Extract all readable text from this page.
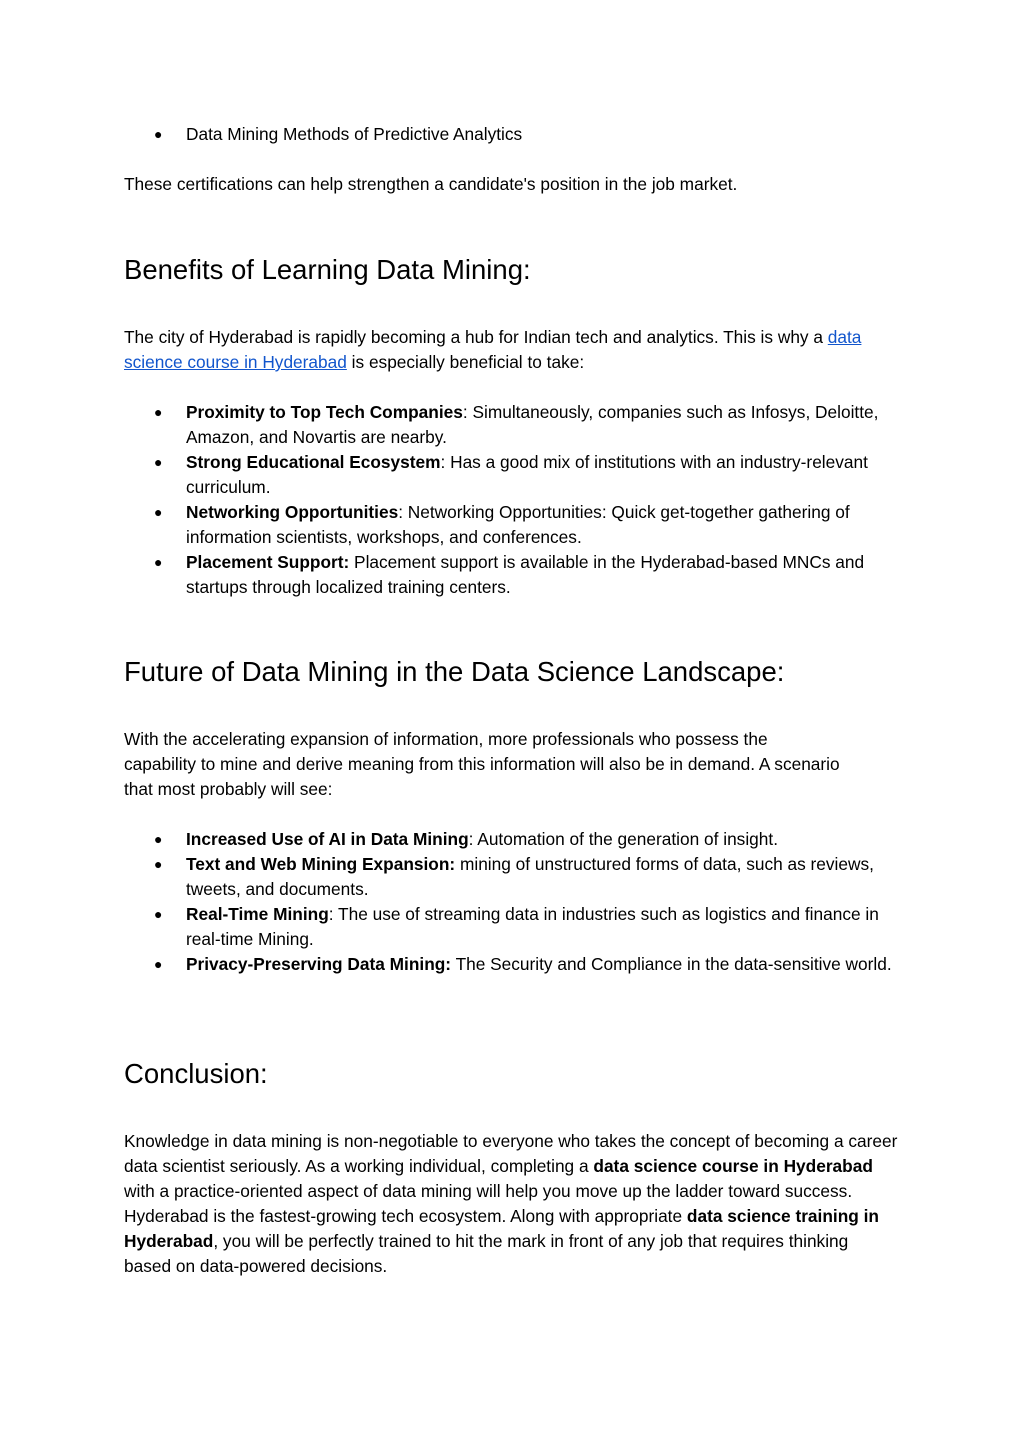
● Data Mining Methods of Predictive Analytics

These certifications can help strengthen a candidate's position in the job market.

Benefits of Learning Data Mining:

The city of Hyderabad is rapidly becoming a hub for Indian tech and analytics. This is why a data science course in Hyderabad is especially beneficial to take:

● Proximity to Top Tech Companies: Simultaneously, companies such as Infosys, Deloitte, Amazon, and Novartis are nearby.
● Strong Educational Ecosystem: Has a good mix of institutions with an industry-relevant curriculum.
● Networking Opportunities: Networking Opportunities: Quick get-together gathering of information scientists, workshops, and conferences.
● Placement Support: Placement support is available in the Hyderabad-based MNCs and startups through localized training centers.
Future of Data Mining in the Data Science Landscape:

With the accelerating expansion of information, more professionals who possess the capability to mine and derive meaning from this information will also be in demand. A scenario that most probably will see:

● Increased Use of AI in Data Mining: Automation of the generation of insight.
● Text and Web Mining Expansion: mining of unstructured forms of data, such as reviews, tweets, and documents.
● Real-Time Mining: The use of streaming data in industries such as logistics and finance in real-time Mining.
● Privacy-Preserving Data Mining: The Security and Compliance in the data-sensitive world.
Conclusion:

Knowledge in data mining is non-negotiable to everyone who takes the concept of becoming a career data scientist seriously. As a working individual, completing a data science course in Hyderabad with a practice-oriented aspect of data mining will help you move up the ladder toward success. Hyderabad is the fastest-growing tech ecosystem. Along with appropriate data science training in Hyderabad, you will be perfectly trained to hit the mark in front of any job that requires thinking based on data-powered decisions.
